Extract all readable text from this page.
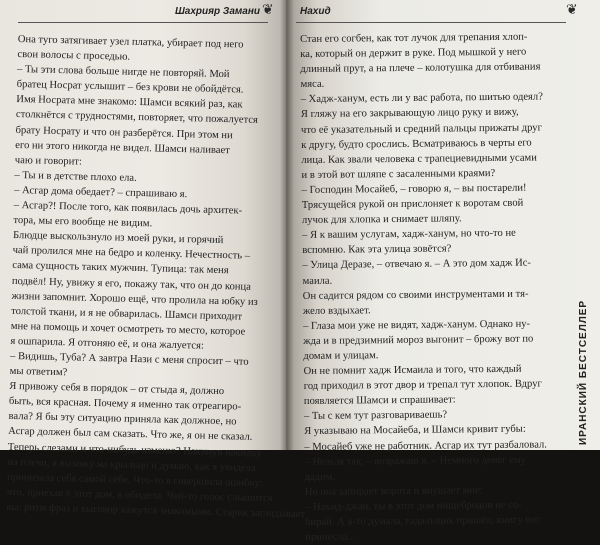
❦
Шахрияр Замани
Она туго затягивает узел платка, убирает под него
свои волосы с проседью.
– Ты эти слова больше нигде не повторяй. Мой
братец Носрат услышит – без крови не обойдётся.
Имя Носрата мне знакомо: Шамси всякий раз, как
столкнётся с трудностями, повторяет, что пожалуется
брату Носрату и что он разберётся. При этом ни
его ни этого никогда не видел. Шамси наливает
чаю и говорит:
– Ты и в детстве плохо ела.
– Асгар дома обедает? – спрашиваю я.
– Асгар?! После того, как появилась дочь архитек-
тора, мы его вообще не видим.
Блюдце выскользнуло из моей руки, и горячий
чай пролился мне на бедро и коленку. Нечестность –
сама сущность таких мужчин. Тупица: так меня
подвёл! Ну, увижу я его, покажу так, что он до конца
жизни запомнит. Хорошо ещё, что пролила на юбку из
толстой ткани, и я не обварилась. Шамси приходит
мне на помощь и хочет осмотреть то место, которое
я ошпарила. Я отгоняю её, и она жалуется:
– Видишь, Туба? А завтра Нази с меня спросит – что
мы ответим?
Я привожу себя в порядок – от стыда я, должно
быть, вся красная. Почему я именно так отреагиро-
вала? Я бы эту ситуацию приняла как должное, но
Асгар должен был сам сказать. Что же, я он не сказал.
Теперь слезами и что-нибудь изменю? Накинув накидку
на плечи, я выхожу на крыльцо и думаю, как я увидела
принизала себя самой себе. Что-то я совершила ошибку:
что, приехав в этот дом, я обидела. Чей-то голос слышится
вы: ритм фраз и выговор кажутся знакомыми. Старик заглядывает
❦
Нахид
Стан его согбен, как тот лучок для трепания хлоп-
ка, который он держит в руке. Под мышкой у него
длинный прут, а на плече – колотушка для отбивания
мяса.
– Хадж-ханум, есть ли у вас работа, по шитью одеял?
Я гляжу на его закрывающую лицо руку и вижу,
что её указательный и средний пальцы прижаты друг
к другу, будто срослись. Всматриваюсь в черты его
лица. Как звали человека с трапециевидными усами
и в этой вот шляпе с засаленными краями?
– Господин Мосайеб, – говорю я, – вы постарели!
Трясущейся рукой он прислоняет к воротам свой
лучок для хлопка и снимает шляпу.
– Я к вашим услугам, хадж-ханум, но что-то не
вспомню. Как эта улица зовётся?
– Улица Деразе, – отвечаю я. – А это дом хадж Ис-
маила.
Он садится рядом со своими инструментами и тя-
жело вздыхает.
– Глаза мои уже не видят, хадж-ханум. Однако ну-
жда и в предзимний мороз выгонит – брожу вот по
домам и улицам.
Он не помнит хадж Исмаила и того, что каждый
год приходил в этот двор и трепал тут хлопок. Вдруг
появляется Шамси и спрашивает:
– Ты с кем тут разговариваешь?
Я указываю на Мосайеба, и Шамси кривит губы:
– Мосайеб уже не работник. Асгар их тут разбаловал.
– Нельзя так, – возражаю я. – Немного денег ему
дадим.
Но она запирает ворота и внушает мне:
– Нахид-джан, ты в этот дом нищебродов не со-
бирай. А я-то думала, гадальщик пришёл, книгу вот
принесла...
ИРАНСКИЙ БЕСТСЕЛЛЕР
